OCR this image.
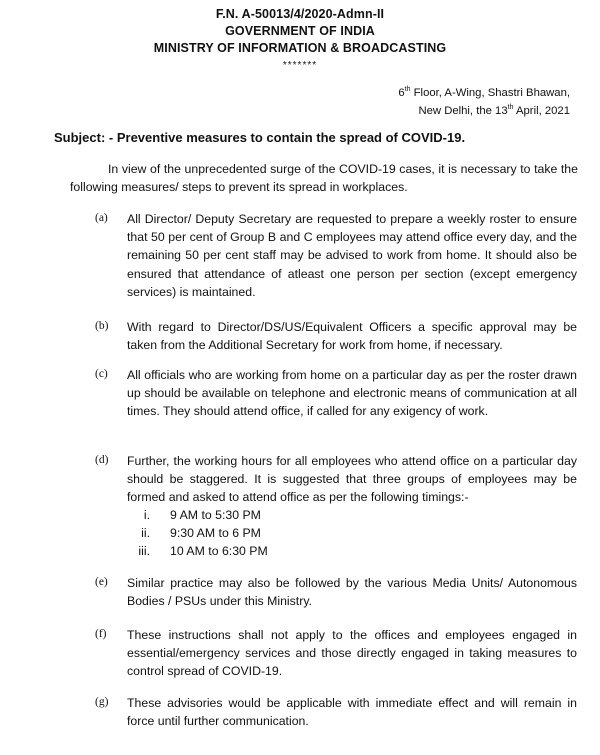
F.N. A-50013/4/2020-Admn-II
GOVERNMENT OF INDIA
MINISTRY OF INFORMATION & BROADCASTING
*******
6th Floor, A-Wing, Shastri Bhawan,
New Delhi, the 13th April, 2021
Subject: - Preventive measures to contain the spread of COVID-19.
In view of the unprecedented surge of the COVID-19 cases, it is necessary to take the following measures/ steps to prevent its spread in workplaces.
(a) All Director/ Deputy Secretary are requested to prepare a weekly roster to ensure that 50 per cent of Group B and C employees may attend office every day, and the remaining 50 per cent staff may be advised to work from home. It should also be ensured that attendance of atleast one person per section (except emergency services) is maintained.
(b) With regard to Director/DS/US/Equivalent Officers a specific approval may be taken from the Additional Secretary for work from home, if necessary.
(c) All officials who are working from home on a particular day as per the roster drawn up should be available on telephone and electronic means of communication at all times. They should attend office, if called for any exigency of work.
(d) Further, the working hours for all employees who attend office on a particular day should be staggered. It is suggested that three groups of employees may be formed and asked to attend office as per the following timings:-
i. 9 AM to 5:30 PM
ii. 9:30 AM to 6 PM
iii. 10 AM to 6:30 PM
(e) Similar practice may also be followed by the various Media Units/ Autonomous Bodies / PSUs under this Ministry.
(f) These instructions shall not apply to the offices and employees engaged in essential/emergency services and those directly engaged in taking measures to control spread of COVID-19.
(g) These advisories would be applicable with immediate effect and will remain in force until further communication.
